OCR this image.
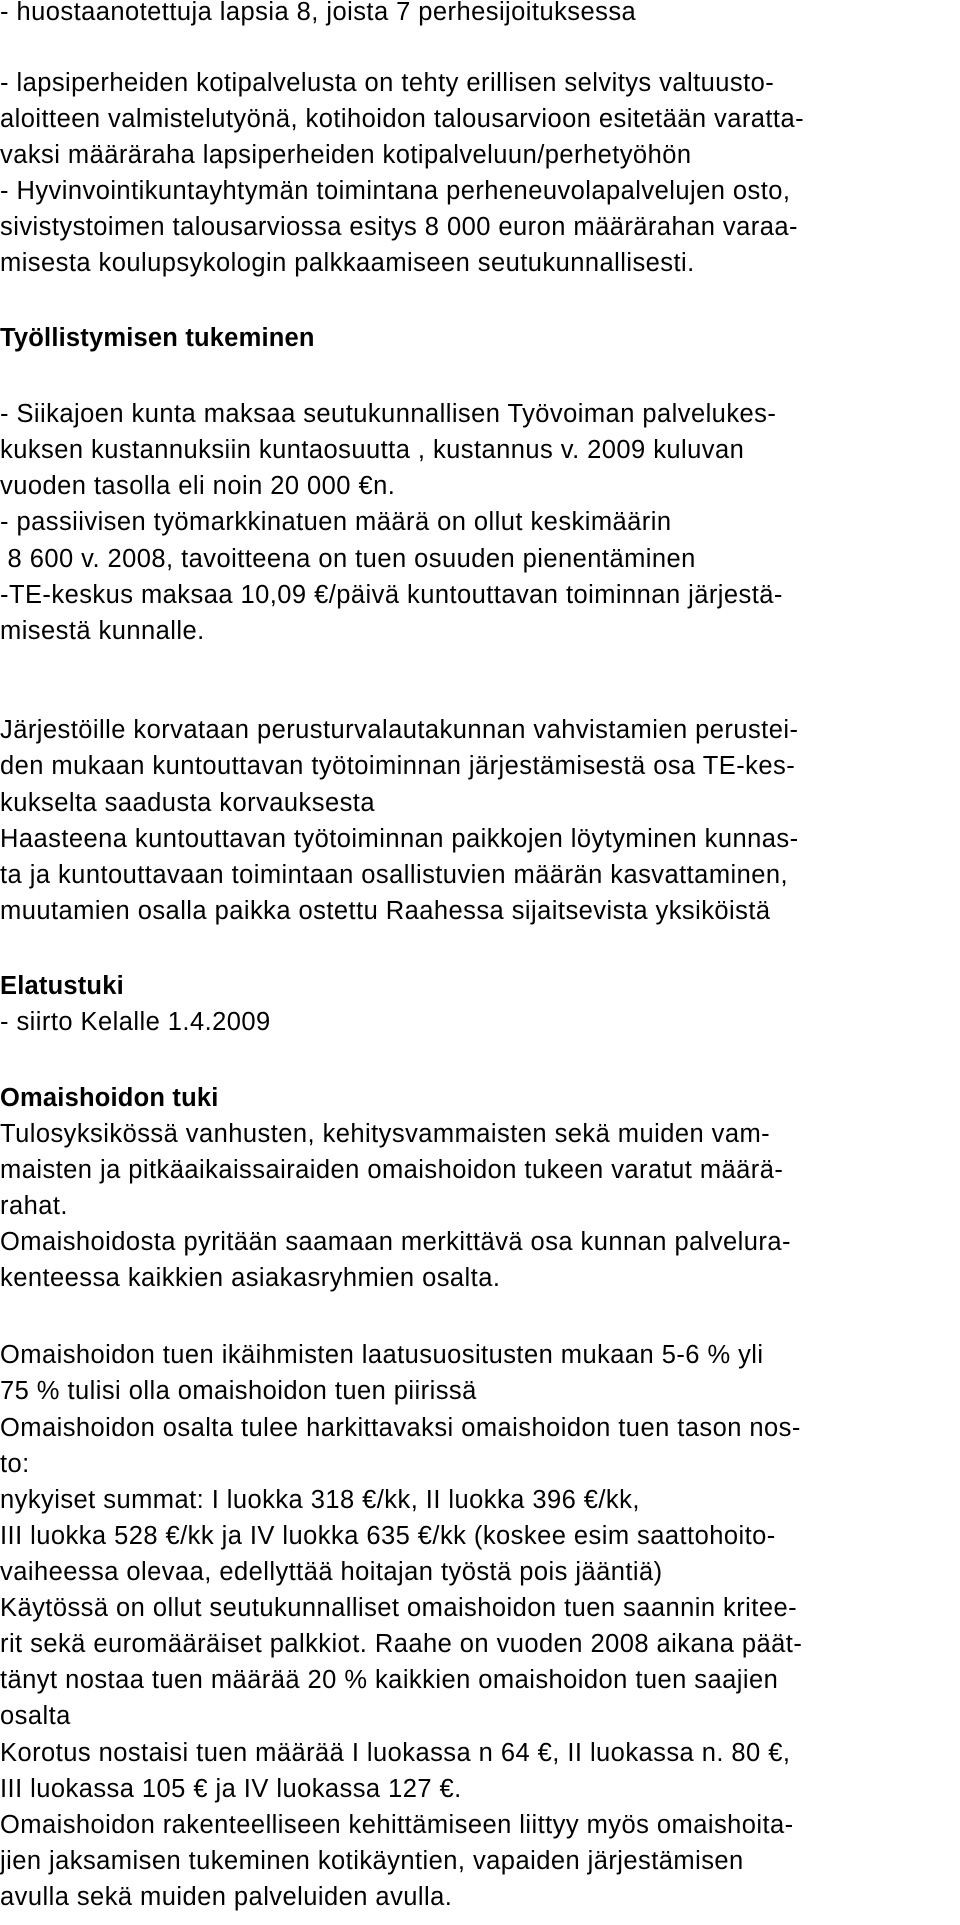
- huostaanotettuja lapsia 8, joista 7 perhesijoituksessa
- lapsiperheiden kotipalvelusta on tehty erillisen selvitys valtuusto-
aloitteen valmistelutyönä, kotihoidon talousarvioon esitetään varatta-
vaksi määräraha lapsiperheiden kotipalveluun/perhetyöhön
- Hyvinvointikuntayhtymän toimintana perheneuvolapalvelujen osto,
sivistystoimen talousarviossa esitys 8 000 euron määrärahan varaa-
misesta koulupsykologin palkkaamiseen seutukunnallisesti.
Työllistymisen tukeminen
- Siikajoen kunta maksaa seutukunnallisen Työvoiman palvelukes-
kuksen kustannuksiin kuntaosuutta , kustannus v. 2009 kuluvan
vuoden tasolla eli noin 20 000 €n.
- passiivisen työmarkkinatuen määrä on ollut keskimäärin
8 600 v. 2008, tavoitteena on tuen osuuden pienentäminen
-TE-keskus maksaa 10,09 €/päivä kuntouttavan toiminnan järjestä-
misestä kunnalle.
Järjestöille korvataan perusturvalautakunnan vahvistamien perustei-
den mukaan kuntouttavan työtoiminnan järjestämisestä osa TE-kes-
kukselta saadusta korvauksesta
Haasteena kuntouttavan työtoiminnan paikkojen löytyminen kunnas-
ta ja kuntouttavaan toimintaan osallistuvien määrän kasvattaminen,
muutamien osalla paikka ostettu Raahessa sijaitsevista yksiköistä
Elatustuki
- siirto Kelalle 1.4.2009
Omaishoidon tuki
Tulosyksikössä vanhusten, kehitysvammaisten sekä muiden vam-
maisten ja pitkäaikaissairaiden omaishoidon tukeen varatut määrä-
rahat.
Omaishoidosta pyritään saamaan merkittävä osa kunnan palvelura-
kenteessa kaikkien asiakasryhmien osalta.
Omaishoidon tuen ikäihmisten laatusuositusten mukaan 5-6 % yli
75 % tulisi olla omaishoidon tuen piirissä
Omaishoidon osalta tulee harkittavaksi omaishoidon tuen tason nos-
to:
nykyiset summat: I luokka 318 €/kk, II luokka 396 €/kk,
III luokka 528 €/kk ja IV luokka 635 €/kk (koskee esim saattohoito-
vaiheessa olevaa, edellyttää hoitajan työstä pois jääntiä)
Käytössä on ollut seutukunnalliset omaishoidon tuen saannin kritee-
rit sekä euromääräiset palkkiot. Raahe on vuoden 2008 aikana päät-
tänyt nostaa tuen määrää 20 % kaikkien omaishoidon tuen saajien
osalta
Korotus nostaisi tuen määrää I luokassa n 64 €, II luokassa n. 80 €,
III luokassa 105 € ja IV luokassa 127 €.
Omaishoidon rakenteelliseen kehittämiseen liittyy myös omaishoita-
jien jaksamisen tukeminen kotikäyntien, vapaiden järjestämisen
avulla sekä muiden palveluiden avulla.
